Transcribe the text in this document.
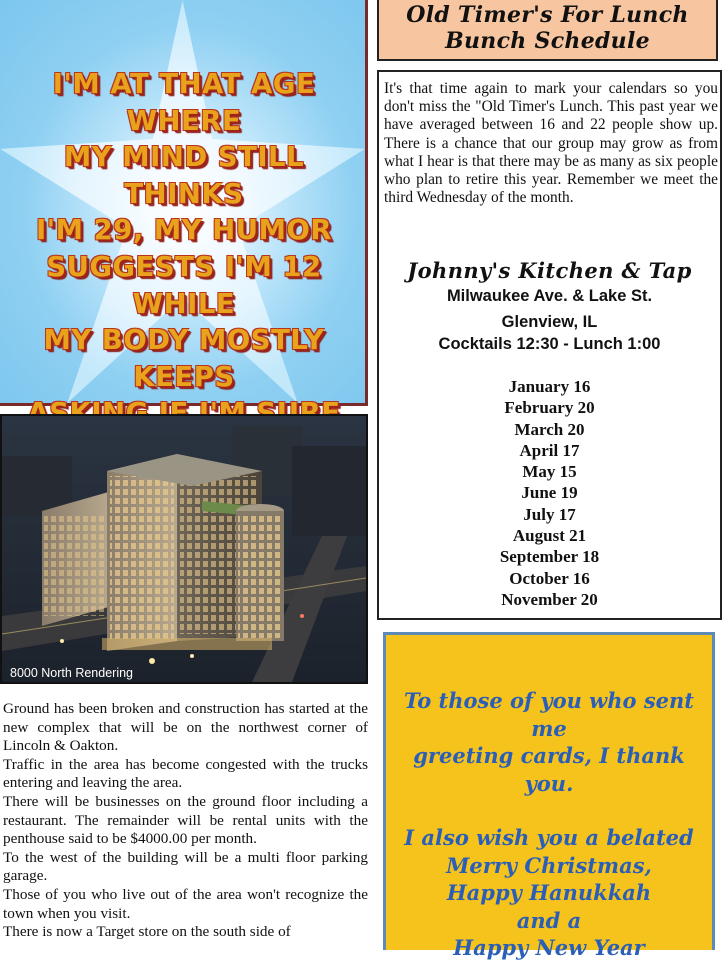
I'M AT THAT AGE WHERE
MY MIND STILL THINKS
I'M 29, MY HUMOR
SUGGESTS I'M 12 WHILE
MY BODY MOSTLY KEEPS
Old Timer's For Lunch
Bunch Schedule
It's that time again to mark your calendars so you don't miss the "Old Timer's Lunch. This past year we have averaged between 16 and 22 people show up. There is a chance that our group may grow as from what I hear is that there may be as many as six people who plan to retire this year. Remember we meet the third Wednesday of the month.
Johnny's Kitchen & Tap
Milwaukee Ave. & Lake St.
Glenview, IL
Cocktails 12:30 - Lunch 1:00
January 16
February 20
March 20
April 17
May 15
June 19
July 17
August 21
September 18
October 16
November 20
8000 North Rendering

Ground has been broken and construction has started at the new complex that will be on the northwest corner of Lincoln & Oakton.

Traffic in the area has become congested with the trucks entering and leaving the area.

There will be businesses on the ground floor including a restaurant. The remainder will be rental units with the penthouse said to be $4000.00 per month.

To the west of the building will be a multi floor parking garage.

Those of you who live out of the area won't recognize the town when you visit.

There is now a Target store on the south side of

To those of you who sent me
greeting cards, I thank you.
I also wish you a belated
Merry Christmas,
Happy Hanukkah
and a
Happy New Year
